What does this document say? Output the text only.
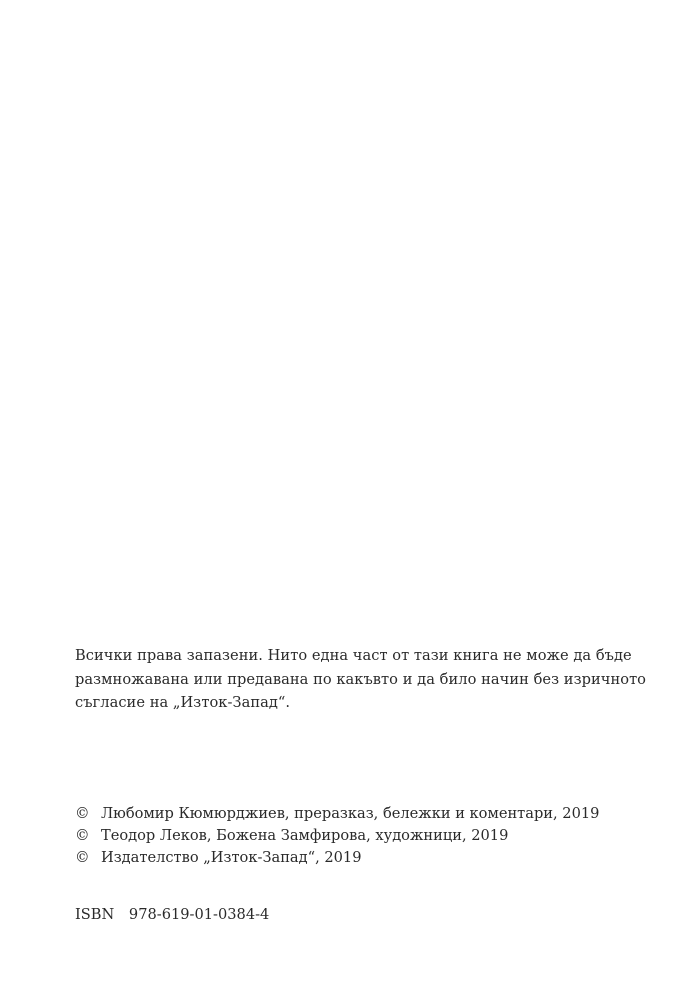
Всички права запазени. Нито една част от тази книга не може да бъде
размножавана или предавана по какъвто и да било начин без изричното
съгласие на „Изток-Запад“.
© Любомир Кюмюрджиев, преразказ, бележки и коментари, 2019
© Теодор Леков, Божена Замфирова, художници, 2019
© Издателство „Изток-Запад“, 2019
ISBN 978-619-01-0384-4
